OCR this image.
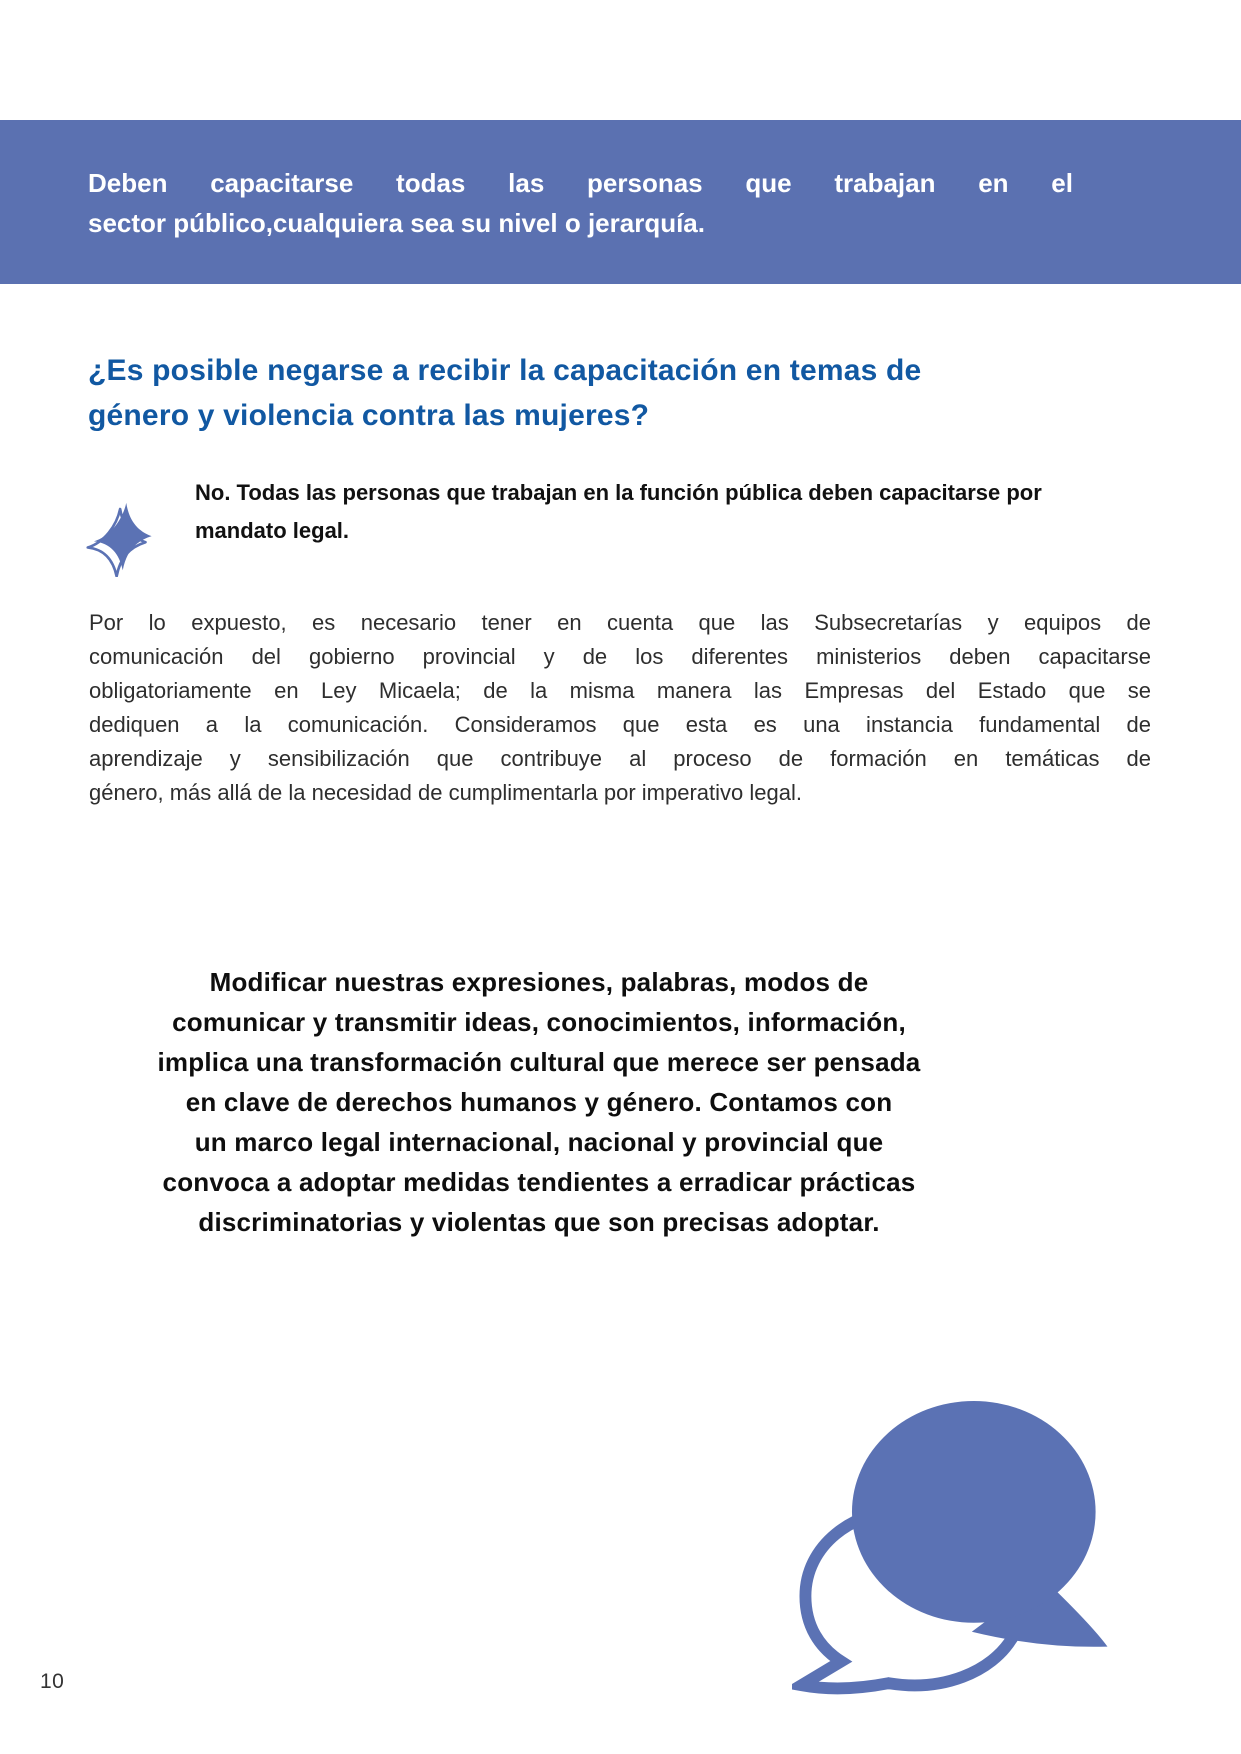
Deben capacitarse todas las personas que trabajan en el
sector público,cualquiera sea su nivel o jerarquía.
¿Es posible negarse a recibir la capacitación en temas de
género y violencia contra las mujeres?
No. Todas las personas que trabajan en la función pública deben capacitarse por
mandato legal.
Por lo expuesto, es necesario tener en cuenta que las Subsecretarías y equipos de
comunicación del gobierno provincial y de los diferentes ministerios deben capacitarse
obligatoriamente en Ley Micaela; de la misma manera las Empresas del Estado que se
dediquen a la comunicación. Consideramos que esta es una instancia fundamental de
aprendizaje y sensibilización que contribuye al proceso de formación en temáticas de
género, más allá de la necesidad de cumplimentarla por imperativo legal.
Modificar nuestras expresiones, palabras, modos de
comunicar y transmitir ideas, conocimientos, información,
implica una transformación cultural que merece ser pensada
en clave de derechos humanos y género. Contamos con
un marco legal internacional, nacional y provincial que
convoca a adoptar medidas tendientes a erradicar prácticas
discriminatorias y violentas que son precisas adoptar.
10
